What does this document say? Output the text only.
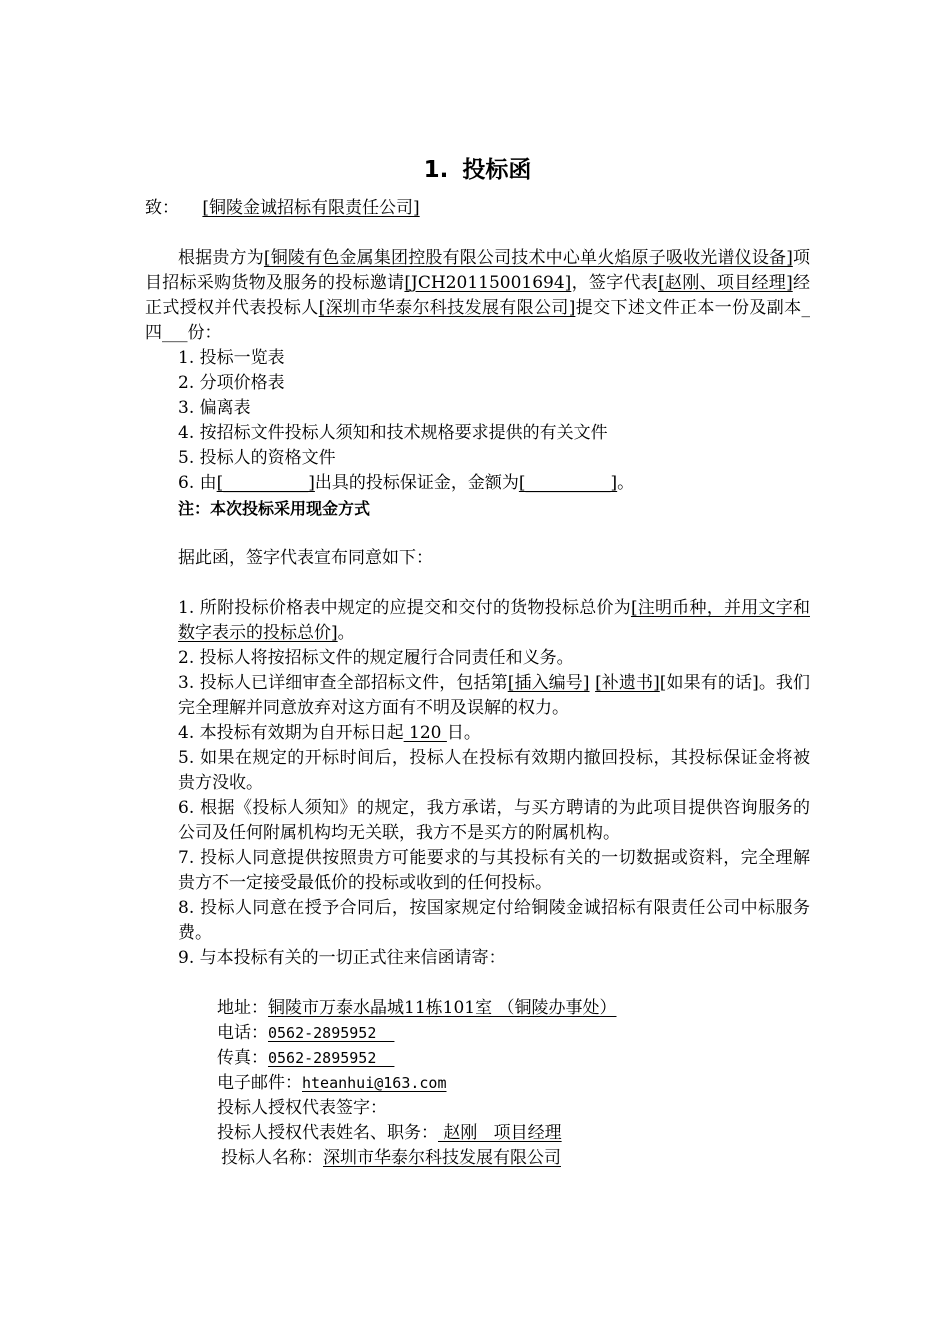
1. 投标函
致： [铜陵金诚招标有限责任公司]
根据贵方为[铜陵有色金属集团控股有限公司技术中心单火焰原子吸收光谱仪设备]项目招标采购货物及服务的投标邀请[JCH20115001694]，签字代表[赵刚、项目经理]经正式授权并代表投标人[深圳市华泰尔科技发展有限公司]提交下述文件正本一份及副本_四___份：
1. 投标一览表
2. 分项价格表
3. 偏离表
4. 按招标文件投标人须知和技术规格要求提供的有关文件
5. 投标人的资格文件
6. 由[__________]出具的投标保证金，金额为[__________]。
注：本次投标采用现金方式
据此函，签字代表宣布同意如下：
1. 所附投标价格表中规定的应提交和交付的货物投标总价为[注明币种，并用文字和数字表示的投标总价]。
2. 投标人将按招标文件的规定履行合同责任和义务。
3. 投标人已详细审查全部招标文件，包括第[插入编号] [补遗书][如果有的话]。我们完全理解并同意放弃对这方面有不明及误解的权力。
4. 本投标有效期为自开标日起 120 日。
5. 如果在规定的开标时间后，投标人在投标有效期内撤回投标，其投标保证金将被贵方没收。
6. 根据《投标人须知》的规定，我方承诺，与买方聘请的为此项目提供咨询服务的公司及任何附属机构均无关联，我方不是买方的附属机构。
7. 投标人同意提供按照贵方可能要求的与其投标有关的一切数据或资料，完全理解贵方不一定接受最低价的投标或收到的任何投标。
8. 投标人同意在授予合同后，按国家规定付给铜陵金诚招标有限责任公司中标服务费。
9. 与本投标有关的一切正式往来信函请寄：
地址：铜陵市万泰水晶城11栋101室 （铜陵办事处）
电话：0562-2895952
传真：0562-2895952
电子邮件：hteanhui@163.com
投标人授权代表签字：
投标人授权代表姓名、职务： 赵刚   项目经理
投标人名称：深圳市华泰尔科技发展有限公司
